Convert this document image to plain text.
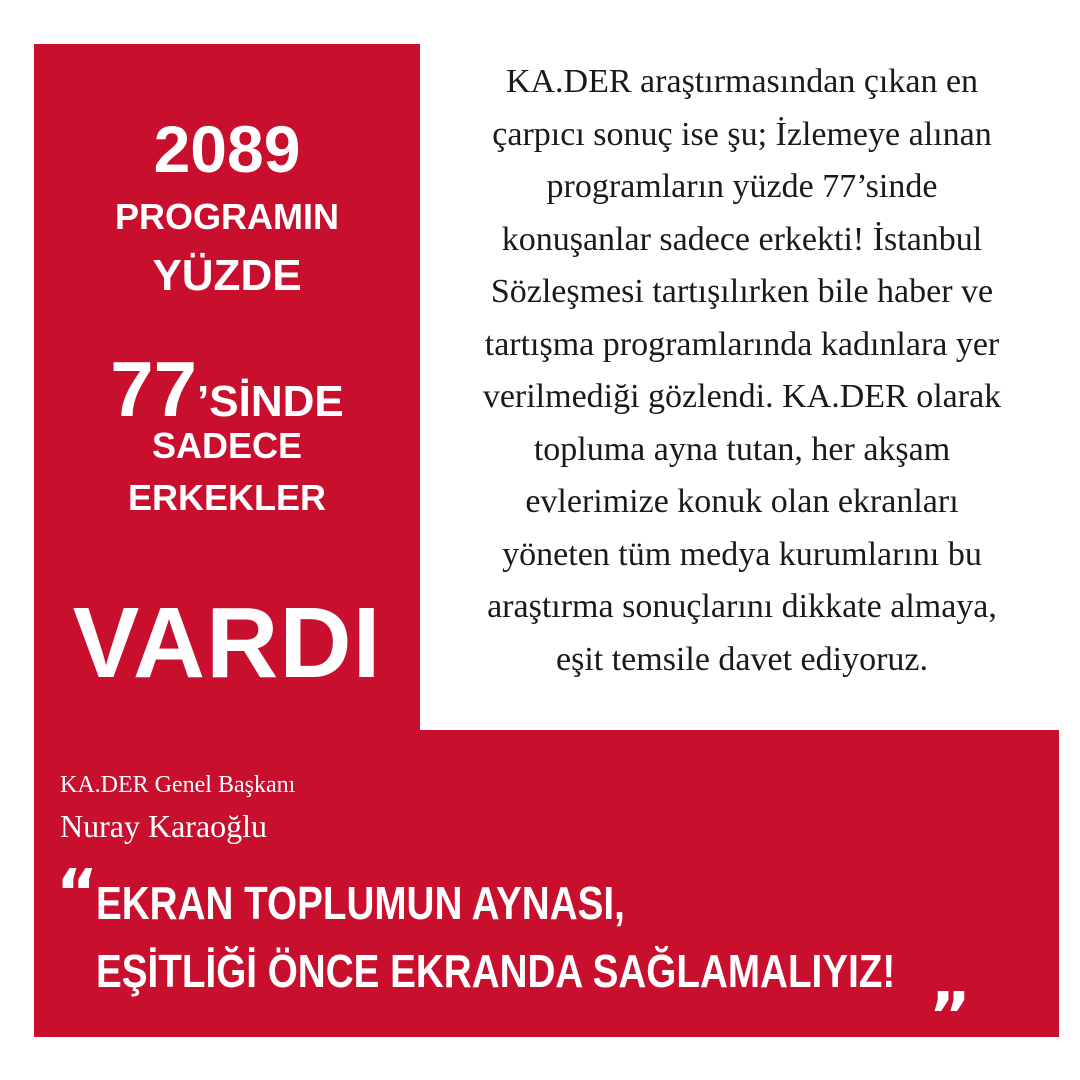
2089
PROGRAMIN
YÜZDE
77’SİNDE
SADECE
ERKEKLER
VARDI

KA.DER araştırmasından çıkan en
çarpıcı sonuç ise şu; İzlemeye alınan
programların yüzde 77’sinde
konuşanlar sadece erkekti! İstanbul
Sözleşmesi tartışılırken bile haber ve
tartışma programlarında kadınlara yer
verilmediği gözlendi. KA.DER olarak
topluma ayna tutan, her akşam
evlerimize konuk olan ekranları
yöneten tüm medya kurumlarını bu
araştırma sonuçlarını dikkate almaya,
eşit temsile davet ediyoruz.

KA.DER Genel Başkanı
Nuray Karaoğlu
“
EKRAN TOPLUMUN AYNASI,
EŞİTLİĞİ ÖNCE EKRANDA SAĞLAMALIYIZ! „
